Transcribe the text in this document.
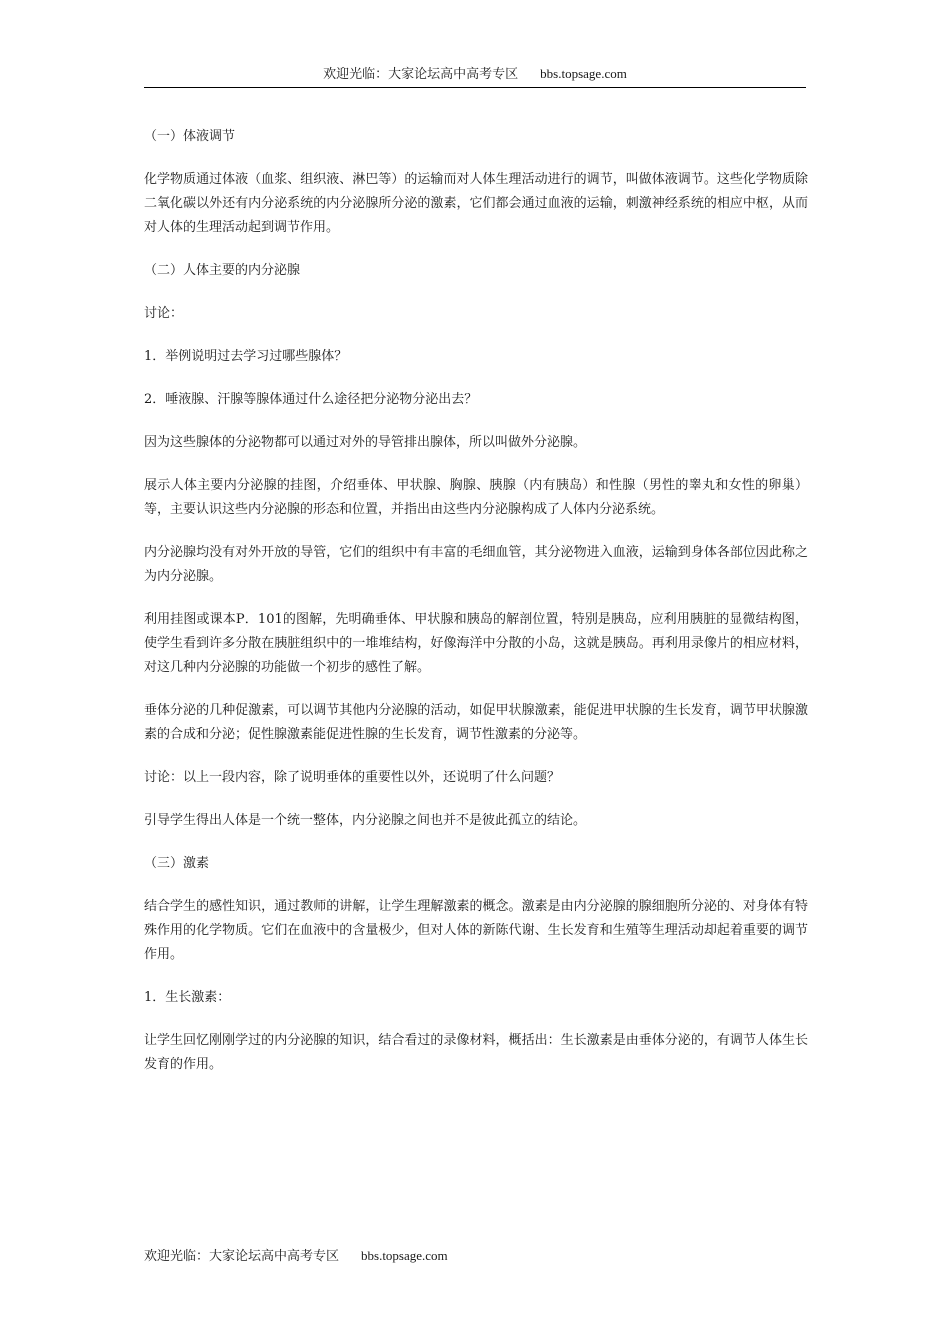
欢迎光临：大家论坛高中高考专区 bbs.topsage.com

（一）体液调节

化学物质通过体液（血浆、组织液、淋巴等）的运输而对人体生理活动进行的调节，叫做体液调节。这些化学物质除二氧化碳以外还有内分泌系统的内分泌腺所分泌的激素，它们都会通过血液的运输，刺激神经系统的相应中枢，从而对人体的生理活动起到调节作用。

（二）人体主要的内分泌腺

讨论：

1．举例说明过去学习过哪些腺体？

2．唾液腺、汗腺等腺体通过什么途径把分泌物分泌出去？

因为这些腺体的分泌物都可以通过对外的导管排出腺体，所以叫做外分泌腺。

展示人体主要内分泌腺的挂图，介绍垂体、甲状腺、胸腺、胰腺（内有胰岛）和性腺（男性的睾丸和女性的卵巢）等，主要认识这些内分泌腺的形态和位置，并指出由这些内分泌腺构成了人体内分泌系统。

内分泌腺均没有对外开放的导管，它们的组织中有丰富的毛细血管，其分泌物进入血液，运输到身体各部位因此称之为内分泌腺。

利用挂图或课本P．101的图解，先明确垂体、甲状腺和胰岛的解剖位置，特别是胰岛，应利用胰脏的显微结构图，使学生看到许多分散在胰脏组织中的一堆堆结构，好像海洋中分散的小岛，这就是胰岛。再利用录像片的相应材料，对这几种内分泌腺的功能做一个初步的感性了解。

垂体分泌的几种促激素，可以调节其他内分泌腺的活动，如促甲状腺激素，能促进甲状腺的生长发育，调节甲状腺激素的合成和分泌；促性腺激素能促进性腺的生长发育，调节性激素的分泌等。

讨论：以上一段内容，除了说明垂体的重要性以外，还说明了什么问题？

引导学生得出人体是一个统一整体，内分泌腺之间也并不是彼此孤立的结论。

（三）激素

结合学生的感性知识，通过教师的讲解，让学生理解激素的概念。激素是由内分泌腺的腺细胞所分泌的、对身体有特殊作用的化学物质。它们在血液中的含量极少，但对人体的新陈代谢、生长发育和生殖等生理活动却起着重要的调节作用。

1．生长激素：

让学生回忆刚刚学过的内分泌腺的知识，结合看过的录像材料，概括出：生长激素是由垂体分泌的，有调节人体生长发育的作用。

欢迎光临：大家论坛高中高考专区 bbs.topsage.com
